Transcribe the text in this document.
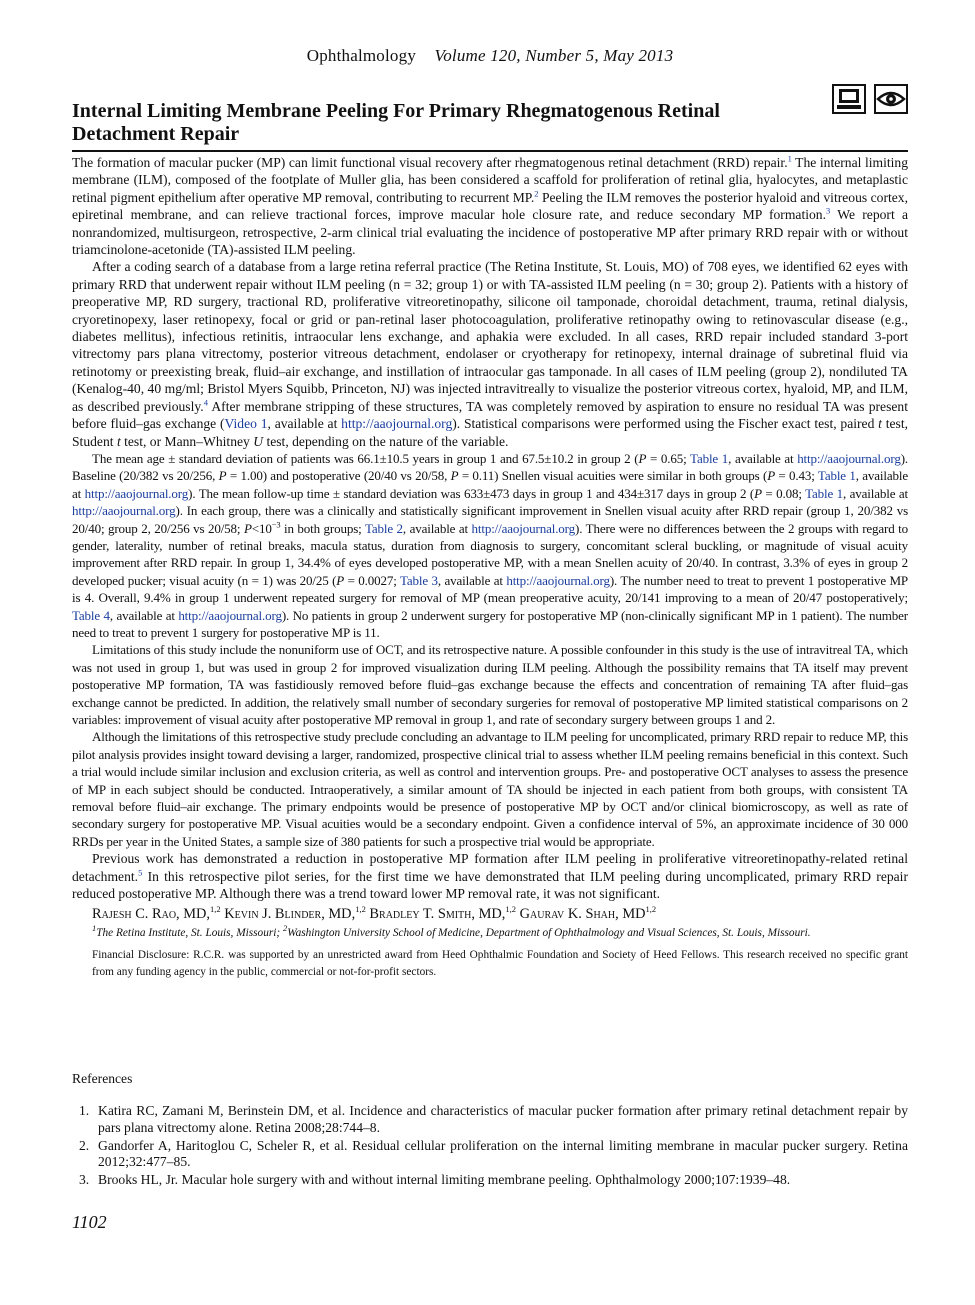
Ophthalmology Volume 120, Number 5, May 2013
Internal Limiting Membrane Peeling For Primary Rhegmatogenous Retinal Detachment Repair

The formation of macular pucker (MP) can limit functional visual recovery after rhegmatogenous retinal detachment (RRD) repair.$^1$ The internal limiting membrane (ILM), composed of the footplate of Muller glia, has been considered a scaffold for proliferation of retinal glia, hyalocytes, and metaplastic retinal pigment epithelium after operative MP removal, contributing to recurrent MP.$^2$ Peeling the ILM removes the posterior hyaloid and vitreous cortex, epiretinal membrane, and can relieve tractional forces, improve macular hole closure rate, and reduce secondary MP formation.$^3$ We report a nonrandomized, multisurgeon, retrospective, 2-arm clinical trial evaluating the incidence of postoperative MP after primary RRD repair with or without triamcinolone-acetonide (TA)-assisted ILM peeling.

After a coding search of a database from a large retina referral practice (The Retina Institute, St. Louis, MO) of 708 eyes, we identified 62 eyes with primary RRD that underwent repair without ILM peeling (n = 32; group 1) or with TA-assisted ILM peeling (n = 30; group 2). Patients with a history of preoperative MP, RD surgery, tractional RD, proliferative vitreoretinopathy, silicone oil tamponade, choroidal detachment, trauma, retinal dialysis, cryoretinopexy, laser retinopexy, focal or grid or pan-retinal laser photocoagulation, proliferative retinopathy owing to retinovascular disease (e.g., diabetes mellitus), infectious retinitis, intraocular lens exchange, and aphakia were excluded. In all cases, RRD repair included standard 3-port vitrectomy pars plana vitrectomy, posterior vitreous detachment, endolaser or cryotherapy for retinopexy, internal drainage of subretinal fluid via retinotomy or preexisting break, fluid–air exchange, and instillation of intraocular gas tamponade. In all cases of ILM peeling (group 2), nondiluted TA (Kenalog-40, 40 mg/ml; Bristol Myers Squibb, Princeton, NJ) was injected intravitreally to visualize the posterior vitreous cortex, hyaloid, MP, and ILM, as described previously.$^4$ After membrane stripping of these structures, TA was completely removed by aspiration to ensure no residual TA was present before fluid–gas exchange (Video 1, available at http://aaojournal.org). Statistical comparisons were performed using the Fischer exact test, paired t test, Student t test, or Mann–Whitney U test, depending on the nature of the variable.

The mean age ± standard deviation of patients was 66.1±10.5 years in group 1 and 67.5±10.2 in group 2 (P = 0.65; Table 1, available at http://aaojournal.org). Baseline (20/382 vs 20/256, P = 1.00) and postoperative (20/40 vs 20/58, P = 0.11) Snellen visual acuities were similar in both groups (P = 0.43; Table 1, available at http://aaojournal.org). The mean follow-up time ± standard deviation was 633±473 days in group 1 and 434±317 days in group 2 (P = 0.08; Table 1, available at http://aaojournal.org). In each group, there was a clinically and statistically significant improvement in Snellen visual acuity after RRD repair (group 1, 20/382 vs 20/40; group 2, 20/256 vs 20/58; $P<10^{-3}$ in both groups; Table 2, available at http://aaojournal.org). There were no differences between the 2 groups with regard to gender, laterality, number of retinal breaks, macula status, duration from diagnosis to surgery, concomitant scleral buckling, or magnitude of visual acuity improvement after RRD repair. In group 1, 34.4% of eyes developed postoperative MP, with a mean Snellen acuity of 20/40. In contrast, 3.3% of eyes in group 2 developed pucker; visual acuity (n = 1) was 20/25 (P = 0.0027; Table 3, available at http://aaojournal.org). The number need to treat to prevent 1 postoperative MP is 4. Overall, 9.4% in group 1 underwent repeated surgery for removal of MP (mean preoperative acuity, 20/141 improving to a mean of 20/47 postoperatively; Table 4, available at http://aaojournal.org). No patients in group 2 underwent surgery for postoperative MP (non-clinically significant MP in 1 patient). The number need to treat to prevent 1 surgery for postoperative MP is 11.

Limitations of this study include the nonuniform use of OCT, and its retrospective nature. A possible confounder in this study is the use of intravitreal TA, which was not used in group 1, but was used in group 2 for improved visualization during ILM peeling. Although the possibility remains that TA itself may prevent postoperative MP formation, TA was fastidiously removed before fluid–gas exchange because the effects and concentration of remaining TA after fluid–gas exchange cannot be predicted. In addition, the relatively small number of secondary surgeries for removal of postoperative MP limited statistical comparisons on 2 variables: improvement of visual acuity after postoperative MP removal in group 1, and rate of secondary surgery between groups 1 and 2.

Although the limitations of this retrospective study preclude concluding an advantage to ILM peeling for uncomplicated, primary RRD repair to reduce MP, this pilot analysis provides insight toward devising a larger, randomized, prospective clinical trial to assess whether ILM peeling remains beneficial in this context. Such a trial would include similar inclusion and exclusion criteria, as well as control and intervention groups. Pre- and postoperative OCT analyses to assess the presence of MP in each subject should be conducted. Intraoperatively, a similar amount of TA should be injected in each patient from both groups, with consistent TA removal before fluid–air exchange. The primary endpoints would be presence of postoperative MP by OCT and/or clinical biomicroscopy, as well as rate of secondary surgery for postoperative MP. Visual acuities would be a secondary endpoint. Given a confidence interval of 5%, an approximate incidence of 30 000 RRDs per year in the United States, a sample size of 380 patients for such a prospective trial would be appropriate.

Previous work has demonstrated a reduction in postoperative MP formation after ILM peeling in proliferative vitreoretinopathy-related retinal detachment.$^5$ In this retrospective pilot series, for the first time we have demonstrated that ILM peeling during uncomplicated, primary RRD repair reduced postoperative MP. Although there was a trend toward lower MP removal rate, it was not significant.

Rajesh C. Rao, MD,$^{1,2}$ Kevin J. Blinder, MD,$^{1,2}$ Bradley T. Smith, MD,$^{1,2}$ Gaurav K. Shah, MD$^{1,2}$
$^1$The Retina Institute, St. Louis, Missouri; $^2$Washington University School of Medicine, Department of Ophthalmology and Visual Sciences, St. Louis, Missouri.
Financial Disclosure: R.C.R. was supported by an unrestricted award from Heed Ophthalmic Foundation and Society of Heed Fellows. This research received no specific grant from any funding agency in the public, commercial or not-for-profit sectors.
References
1. Katira RC, Zamani M, Berinstein DM, et al. Incidence and characteristics of macular pucker formation after primary retinal detachment repair by pars plana vitrectomy alone. Retina 2008;28:744–8.
2. Gandorfer A, Haritoglou C, Scheler R, et al. Residual cellular proliferation on the internal limiting membrane in macular pucker surgery. Retina 2012;32:477–85.
3. Brooks HL, Jr. Macular hole surgery with and without internal limiting membrane peeling. Ophthalmology 2000;107:1939–48.
1102
